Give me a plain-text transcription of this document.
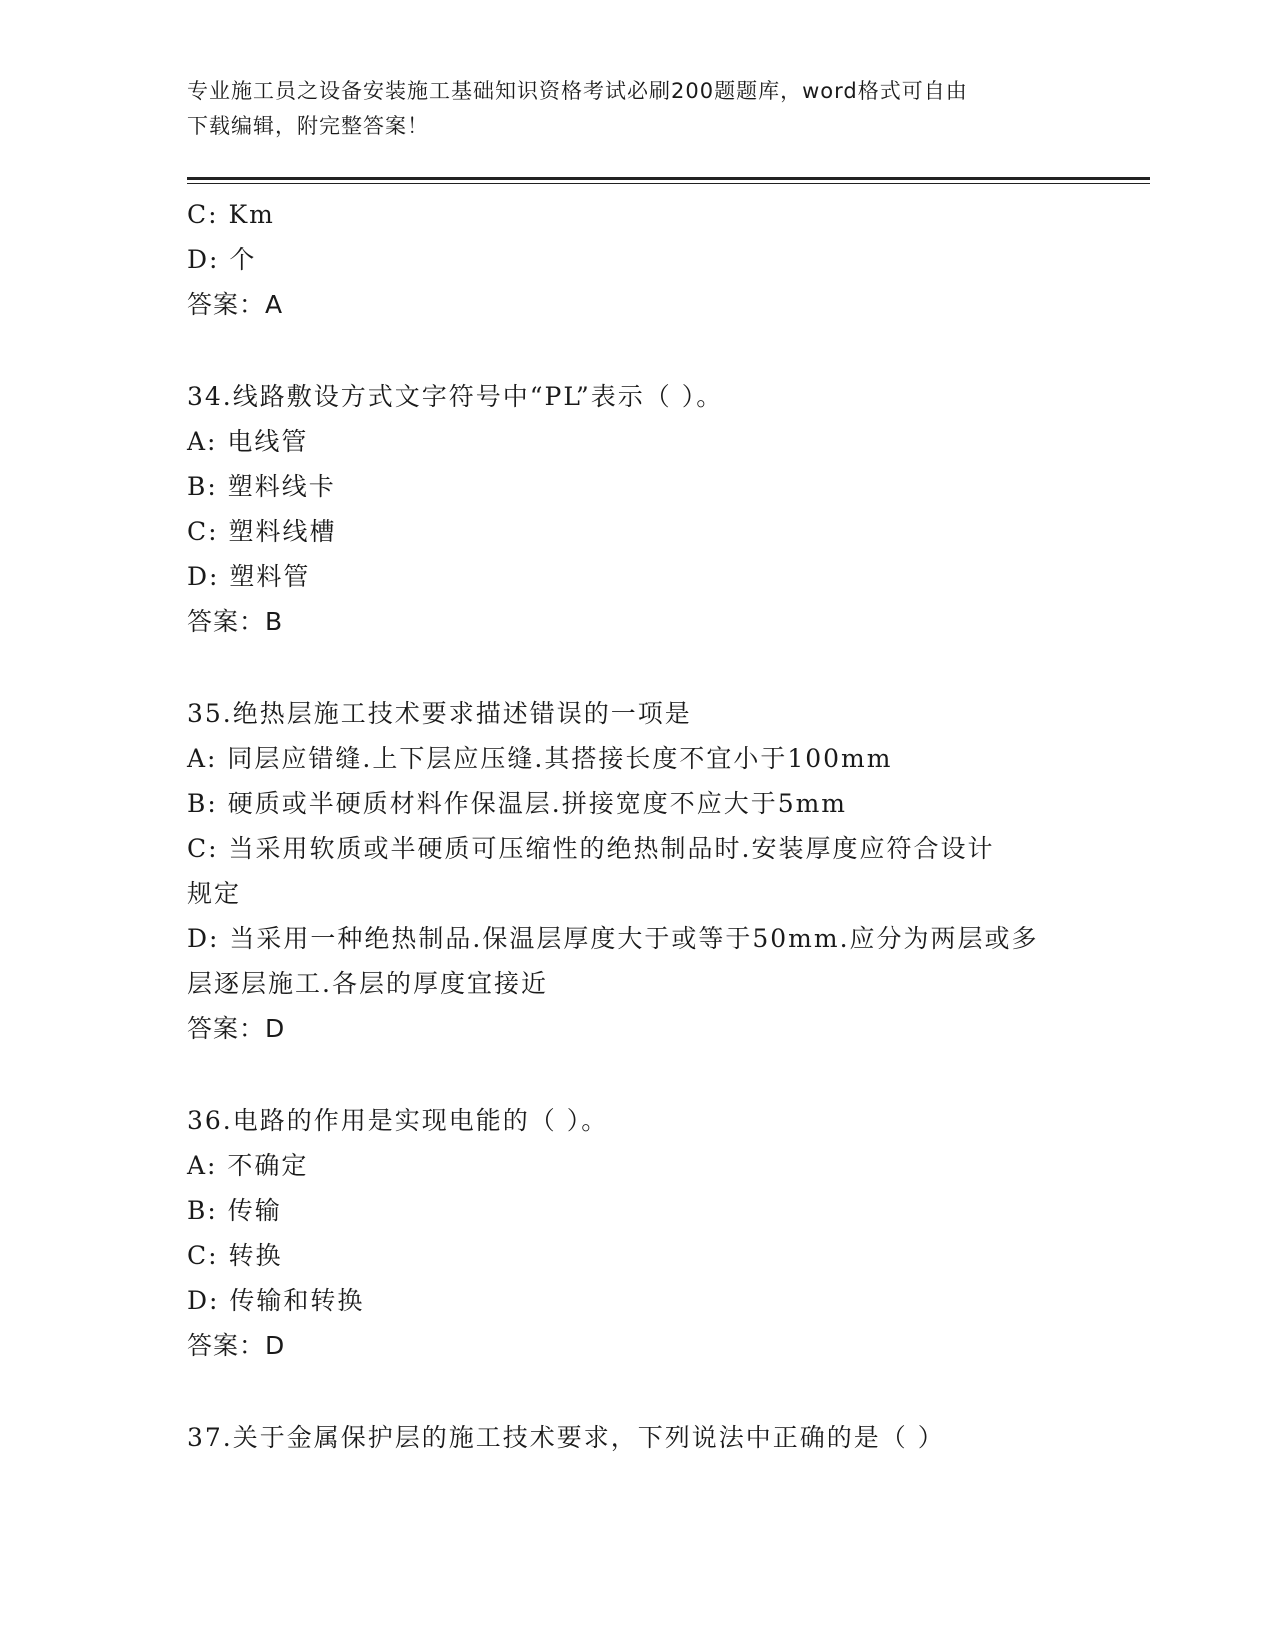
专业施工员之设备安装施工基础知识资格考试必刷200题题库，word格式可自由
下载编辑，附完整答案！
C: Km
D: 个
答案：A
34.线路敷设方式文字符号中“PL”表示（ ）。
A: 电线管
B: 塑料线卡
C: 塑料线槽
D: 塑料管
答案：B
35.绝热层施工技术要求描述错误的一项是
A: 同层应错缝.上下层应压缝.其搭接长度不宜小于100mm
B: 硬质或半硬质材料作保温层.拼接宽度不应大于5mm
C: 当采用软质或半硬质可压缩性的绝热制品时.安装厚度应符合设计
规定
D: 当采用一种绝热制品.保温层厚度大于或等于50mm.应分为两层或多
层逐层施工.各层的厚度宜接近
答案：D
36.电路的作用是实现电能的（ ）。
A: 不确定
B: 传输
C: 转换
D: 传输和转换
答案：D
37.关于金属保护层的施工技术要求，下列说法中正确的是（ ）
